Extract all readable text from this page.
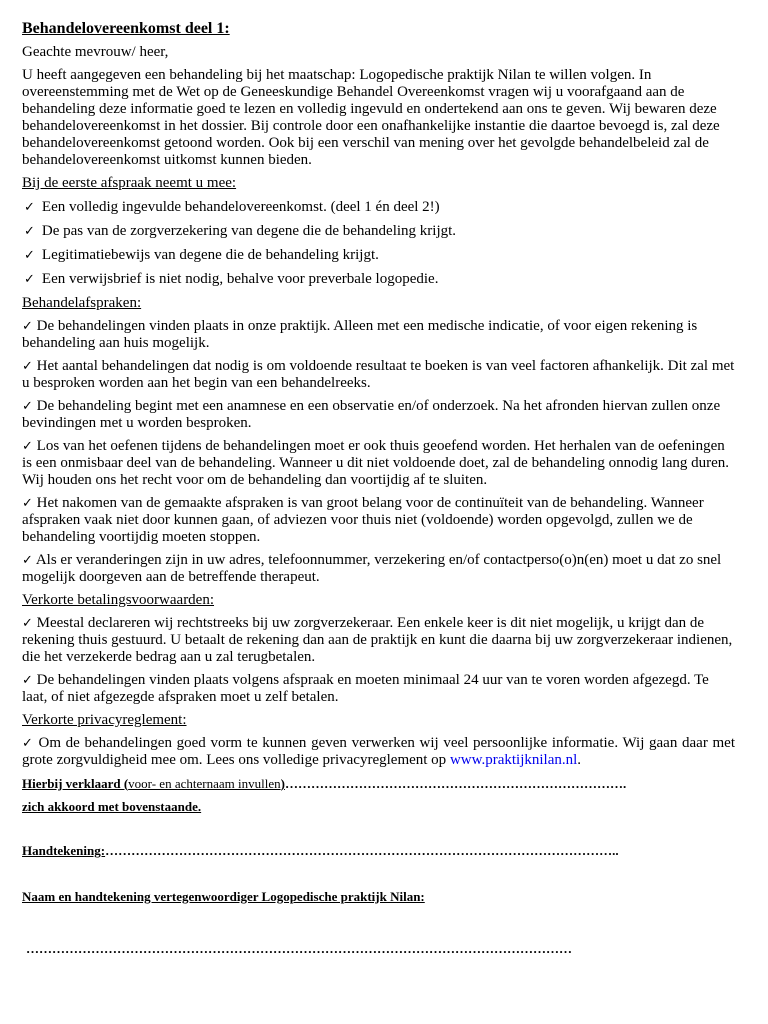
Behandelovereenkomst deel 1:

Geachte mevrouw/ heer,

U heeft aangegeven een behandeling bij het maatschap: Logopedische praktijk Nilan te willen volgen. In overeenstemming met de Wet op de Geneeskundige Behandel Overeenkomst vragen wij u voorafgaand aan de behandeling deze informatie goed te lezen en volledig ingevuld en ondertekend aan ons te geven. Wij bewaren deze behandelovereenkomst in het dossier. Bij controle door een onafhankelijke instantie die daartoe bevoegd is, zal deze behandelovereenkomst getoond worden. Ook bij een verschil van mening over het gevolgde behandelbeleid zal de behandelovereenkomst uitkomst kunnen bieden.

Bij de eerste afspraak neemt u mee:

✓ Een volledig ingevulde behandelovereenkomst. (deel 1 én deel 2!)
✓ De pas van de zorgverzekering van degene die de behandeling krijgt.
✓ Legitimatiebewijs van degene die de behandeling krijgt.
✓ Een verwijsbrief is niet nodig, behalve voor preverbale logopedie.

Behandelafspraken:

✓ De behandelingen vinden plaats in onze praktijk. Alleen met een medische indicatie, of voor eigen rekening is behandeling aan huis mogelijk.

✓ Het aantal behandelingen dat nodig is om voldoende resultaat te boeken is van veel factoren afhankelijk. Dit zal met u besproken worden aan het begin van een behandelreeks.

✓ De behandeling begint met een anamnese en een observatie en/of onderzoek. Na het afronden hiervan zullen onze bevindingen met u worden besproken.

✓ Los van het oefenen tijdens de behandelingen moet er ook thuis geoefend worden. Het herhalen van de oefeningen is een onmisbaar deel van de behandeling. Wanneer u dit niet voldoende doet, zal de behandeling onnodig lang duren. Wij houden ons het recht voor om de behandeling dan voortijdig af te sluiten.

✓ Het nakomen van de gemaakte afspraken is van groot belang voor de continuïteit van de behandeling. Wanneer afspraken vaak niet door kunnen gaan, of adviezen voor thuis niet (voldoende) worden opgevolgd, zullen we de behandeling voortijdig moeten stoppen.

✓ Als er veranderingen zijn in uw adres, telefoonnummer, verzekering en/of contactperso(o)n(en) moet u dat zo snel mogelijk doorgeven aan de betreffende therapeut.

Verkorte betalingsvoorwaarden:

✓ Meestal declareren wij rechtstreeks bij uw zorgverzekeraar. Een enkele keer is dit niet mogelijk, u krijgt dan de rekening thuis gestuurd. U betaalt de rekening dan aan de praktijk en kunt die daarna bij uw zorgverzekeraar indienen, die het verzekerde bedrag aan u zal terugbetalen.

✓ De behandelingen vinden plaats volgens afspraak en moeten minimaal 24 uur van te voren worden afgezegd. Te laat, of niet afgezegde afspraken moet u zelf betalen.

Verkorte privacyreglement:

✓ Om de behandelingen goed vorm te kunnen geven verwerken wij veel persoonlijke informatie. Wij gaan daar met grote zorgvuldigheid mee om. Lees ons volledige privacyreglement op www.praktijknilan.nl.

Hierbij verklaard (voor- en achternaam invullen)…………………………………………………………………….
zich akkoord met bovenstaande.
Handtekening:………………………………………………………………………………………………………..
Naam en handtekening vertegenwoordiger Logopedische praktijk Nilan:
………………………………………………………………………………………………………………
